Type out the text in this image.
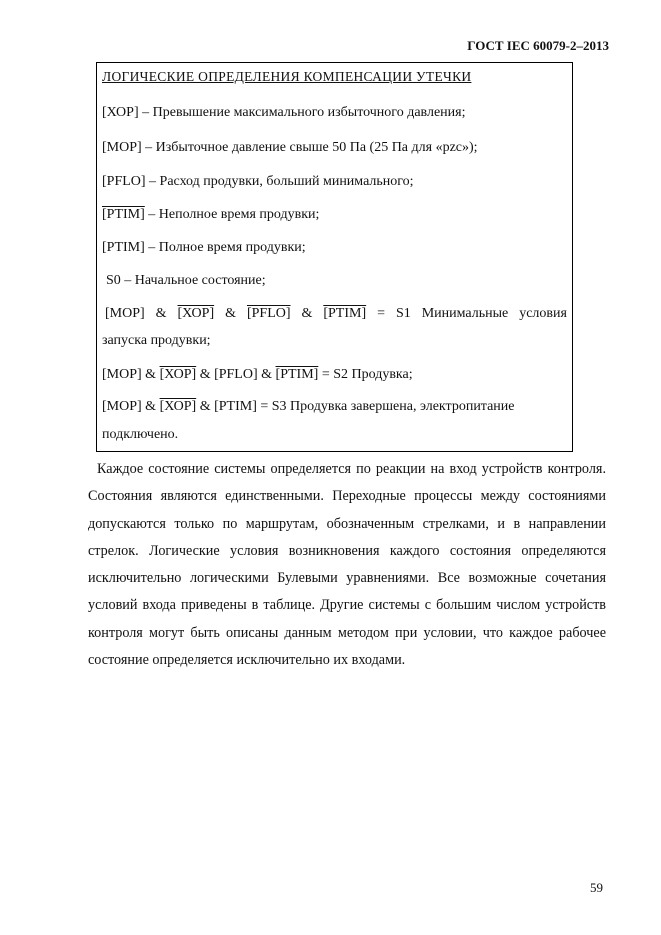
ГОСТ IEC 60079-2–2013
ЛОГИЧЕСКИЕ ОПРЕДЕЛЕНИЯ КОМПЕНСАЦИИ УТЕЧКИ
[ХОР] – Превышение максимального избыточного давления;
[МОР] – Избыточное давление свыше 50 Па (25 Па для «pzc»);
[PFLO] – Расход продувки, больший минимального;
[PTIM] – Неполное время продувки;
[PTIM] – Полное время продувки;
S0 – Начальное состояние;
[МОР] & [ХОР] & [PFLO] & [PTIM] = S1 Минимальные условия
запуска продувки;
[МОР] & [ХОР] & [PFLO] & [PTIM] = S2 Продувка;
[МОР] & [ХОР] & [PTIM] = S3 Продувка завершена, электропитание
подключено.
Каждое состояние системы определяется по реакции на вход устройств контроля. Состояния являются единственными. Переходные процессы между состояниями допускаются только по маршрутам, обозначенным стрелками, и в направлении стрелок. Логические условия возникновения каждого состояния определяются исключительно логическими Булевыми уравнениями. Все возможные сочетания условий входа приведены в таблице. Другие системы с большим числом устройств контроля могут быть описаны данным методом при условии, что каждое рабочее состояние определяется исключительно их входами.
59
